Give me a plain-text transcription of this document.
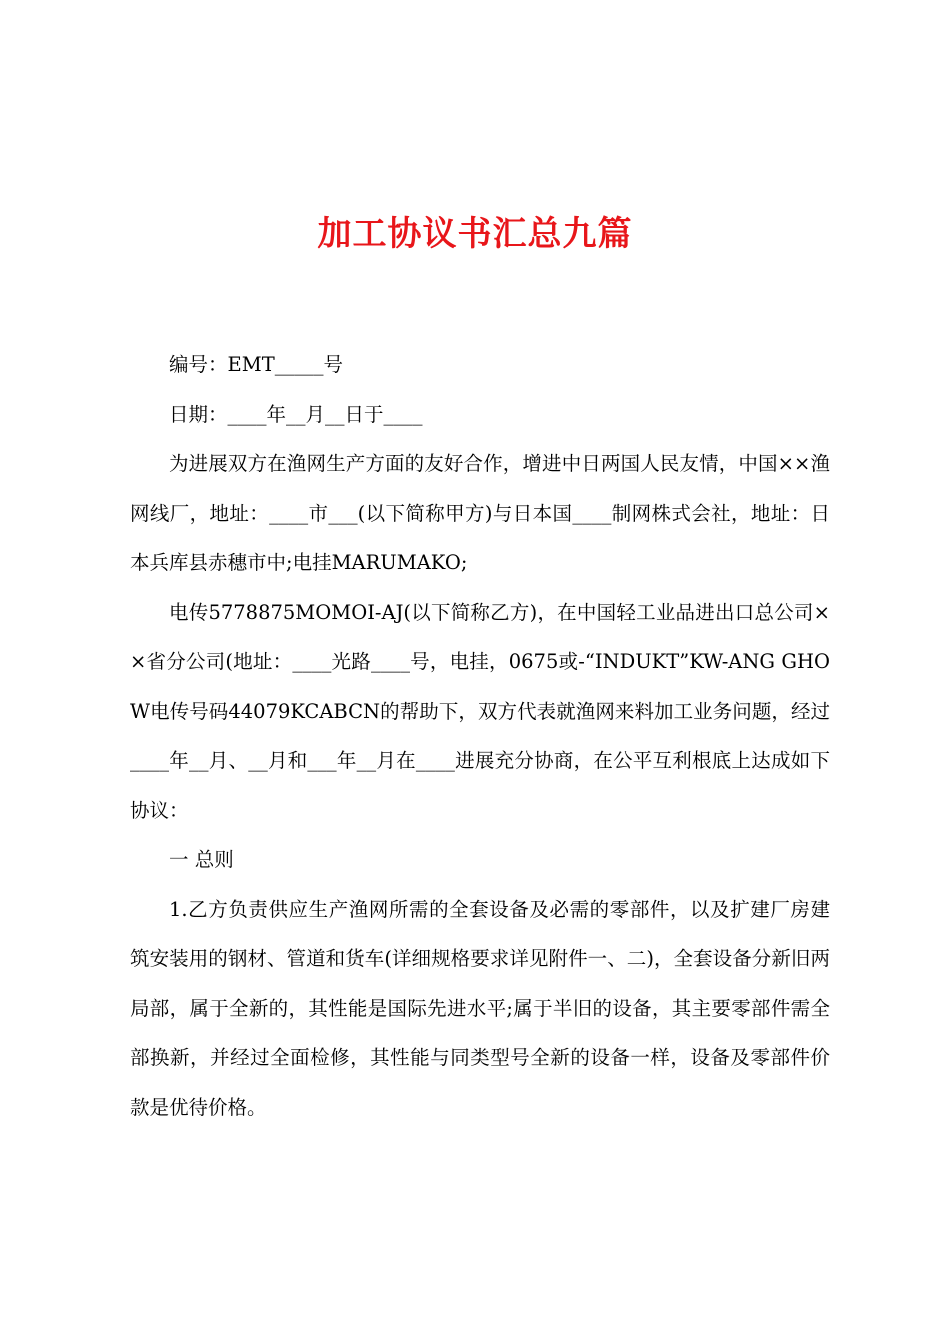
加工协议书汇总九篇

编号：EMT_____号

日期：____年__月__日于____

为进展双方在渔网生产方面的友好合作，增进中日两国人民友情，中国××渔网线厂，地址：____市___(以下简称甲方)与日本国____制网株式会社，地址：日本兵库县赤穗市中;电挂MARUMAKO;

电传5778875MOMOI-AJ(以下简称乙方)，在中国轻工业品进出口总公司××省分公司(地址：____光路____号，电挂，0675或-“INDUKT”KW-ANG GHOW电传号码44079KCABCN的帮助下，双方代表就渔网来料加工业务问题，经过____年__月、__月和___年__月在____进展充分协商，在公平互利根底上达成如下协议：

一 总则

1.乙方负责供应生产渔网所需的全套设备及必需的零部件，以及扩建厂房建筑安装用的钢材、管道和货车(详细规格要求详见附件一、二)，全套设备分新旧两局部，属于全新的，其性能是国际先进水平;属于半旧的设备，其主要零部件需全部换新，并经过全面检修，其性能与同类型号全新的设备一样，设备及零部件价款是优待价格。
